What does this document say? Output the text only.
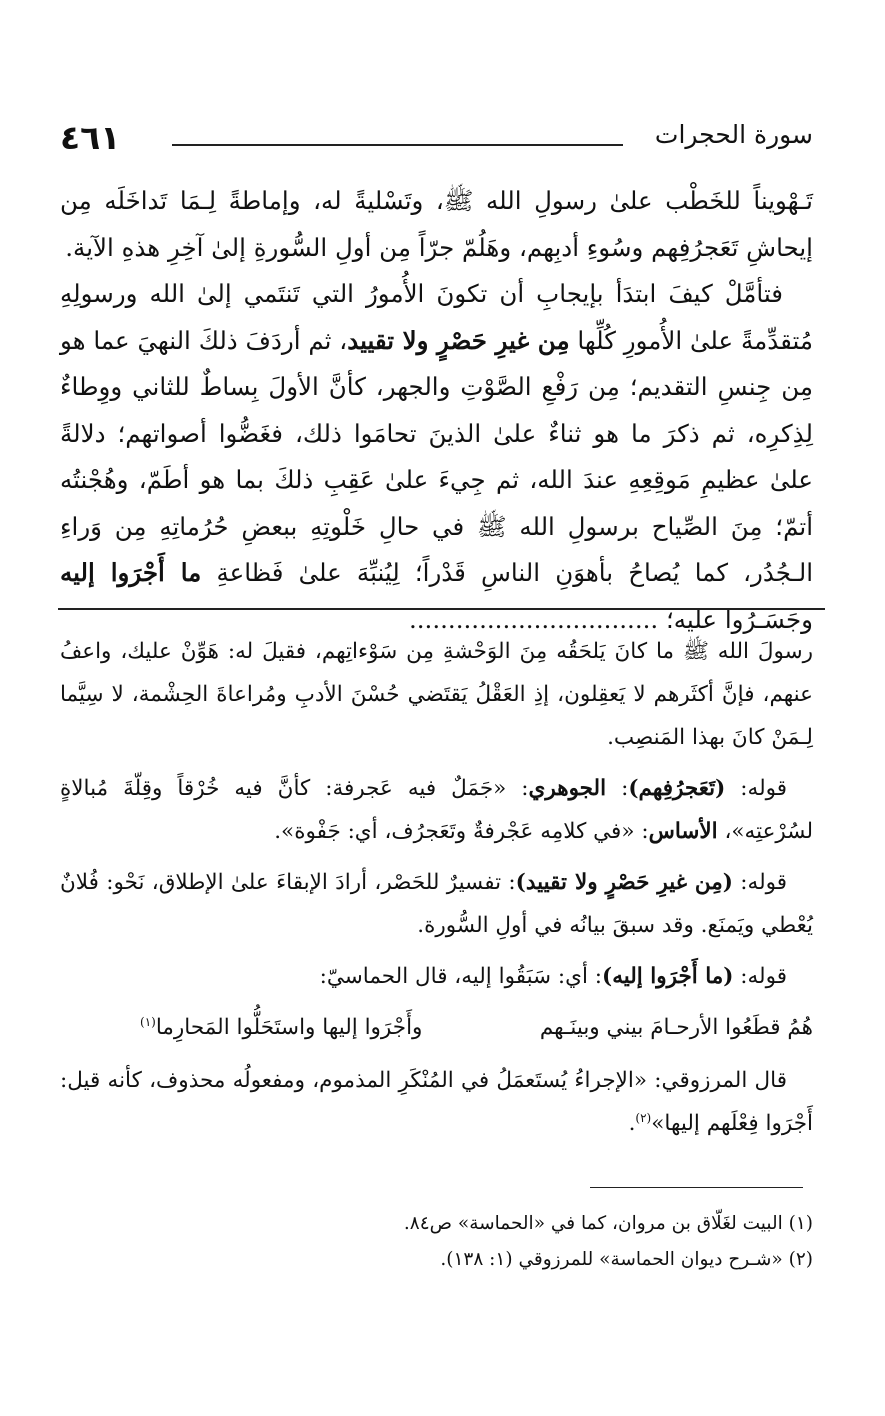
٤٦١	سورة الحجرات

تَـهْويناً للخَطْب علىٰ رسولِ الله ﷺ، وتَسْليةً له، وإماطةً لِـمَا تَداخَلَه مِن إيحاشِ تَعَجرُفِهم وسُوءِ أدبِهم، وهَلُمّ جرّاً مِن أولِ السُّورةِ إلىٰ آخِرِ هذهِ الآية.

فتأمَّلْ كيفَ ابتدَأ بإيجابِ أن تكونَ الأُمورُ التي تَنتَمي إلىٰ الله ورسولِهِ مُتقدِّمةً علىٰ الأُمورِ كُلِّها مِن غيرِ حَصْرٍ ولا تقييد، ثم أردَفَ ذلكَ النهيَ عما هو مِن جِنسِ التقديم؛ مِن رَفْعِ الصَّوْتِ والجهر، كأنَّ الأولَ بِساطٌ للثاني ووِطاءٌ لِذِكرِه، ثم ذكرَ ما هو ثناءٌ علىٰ الذينَ تحامَوا ذلك، فغَضُّوا أصواتهم؛ دلالةً علىٰ عظيمِ مَوقِعِهِ عندَ الله، ثم جِيءَ علىٰ عَقِبِ ذلكَ بما هو أطَمّ، وهُجْنتُه أتمّ؛ مِنَ الصِّياح برسولِ الله ﷺ في حالِ خَلْوتِهِ ببعضِ حُرُماتِهِ مِن وَراءِ الـجُدُر، كما يُصاحُ بأهوَنِ الناسِ قَدْراً؛ لِيُنبِّهَ علىٰ فَظاعةِ ما أَجْرَوا إليه وجَسَـرُوا عليه؛ ................................

رسولَ الله ﷺ ما كانَ يَلحَقُه مِنَ الوَحْشةِ مِن سَوْءاتِهم، فقيلَ له: هَوِّنْ عليك، واعفُ عنهم، فإنَّ أكثَرهم لا يَعقِلون، إذِ العَقْلُ يَقتَضي حُسْنَ الأدبِ ومُراعاةَ الحِشْمة، لا سِيَّما لِـمَنْ كانَ بهذا المَنصِب.

قوله: (تَعَجرُفِهم): الجوهري: «جَمَلٌ فيه عَجرفة: كأنَّ فيه خُرْقاً وقِلّةَ مُبالاةٍ لسُرْعتِه»، الأساس: «في كلامِه عَجْرفةٌ وتَعَجرُف، أي: جَفْوة».

قوله: (مِن غيرِ حَصْرٍ ولا تقييد): تفسيرٌ للحَصْر، أرادَ الإبقاءَ علىٰ الإطلاق، نَحْو: فُلانٌ يُعْطي ويَمنَع. وقد سبقَ بيانُه في أولِ السُّورة.

قوله: (ما أَجْرَوا إليه): أي: سَبَقُوا إليه، قال الحماسيّ:

هُمُ قطَعُوا الأرحـامَ بيني وبينَـهم
وأَجْرَوا إليها واستَحَلُّوا المَحارِما$^{(١)}$

قال المرزوقي: «الإجراءُ يُستَعمَلُ في المُنْكَرِ المذموم، ومفعولُه محذوف، كأنه قيل: أَجْرَوا فِعْلَهم إليها»$^{(٢)}$.

(١) البيت لغَلّاق بن مروان، كما في «الحماسة» ص٨٤.
(٢) «شـرح ديوان الحماسة» للمرزوقي (١: ١٣٨).
